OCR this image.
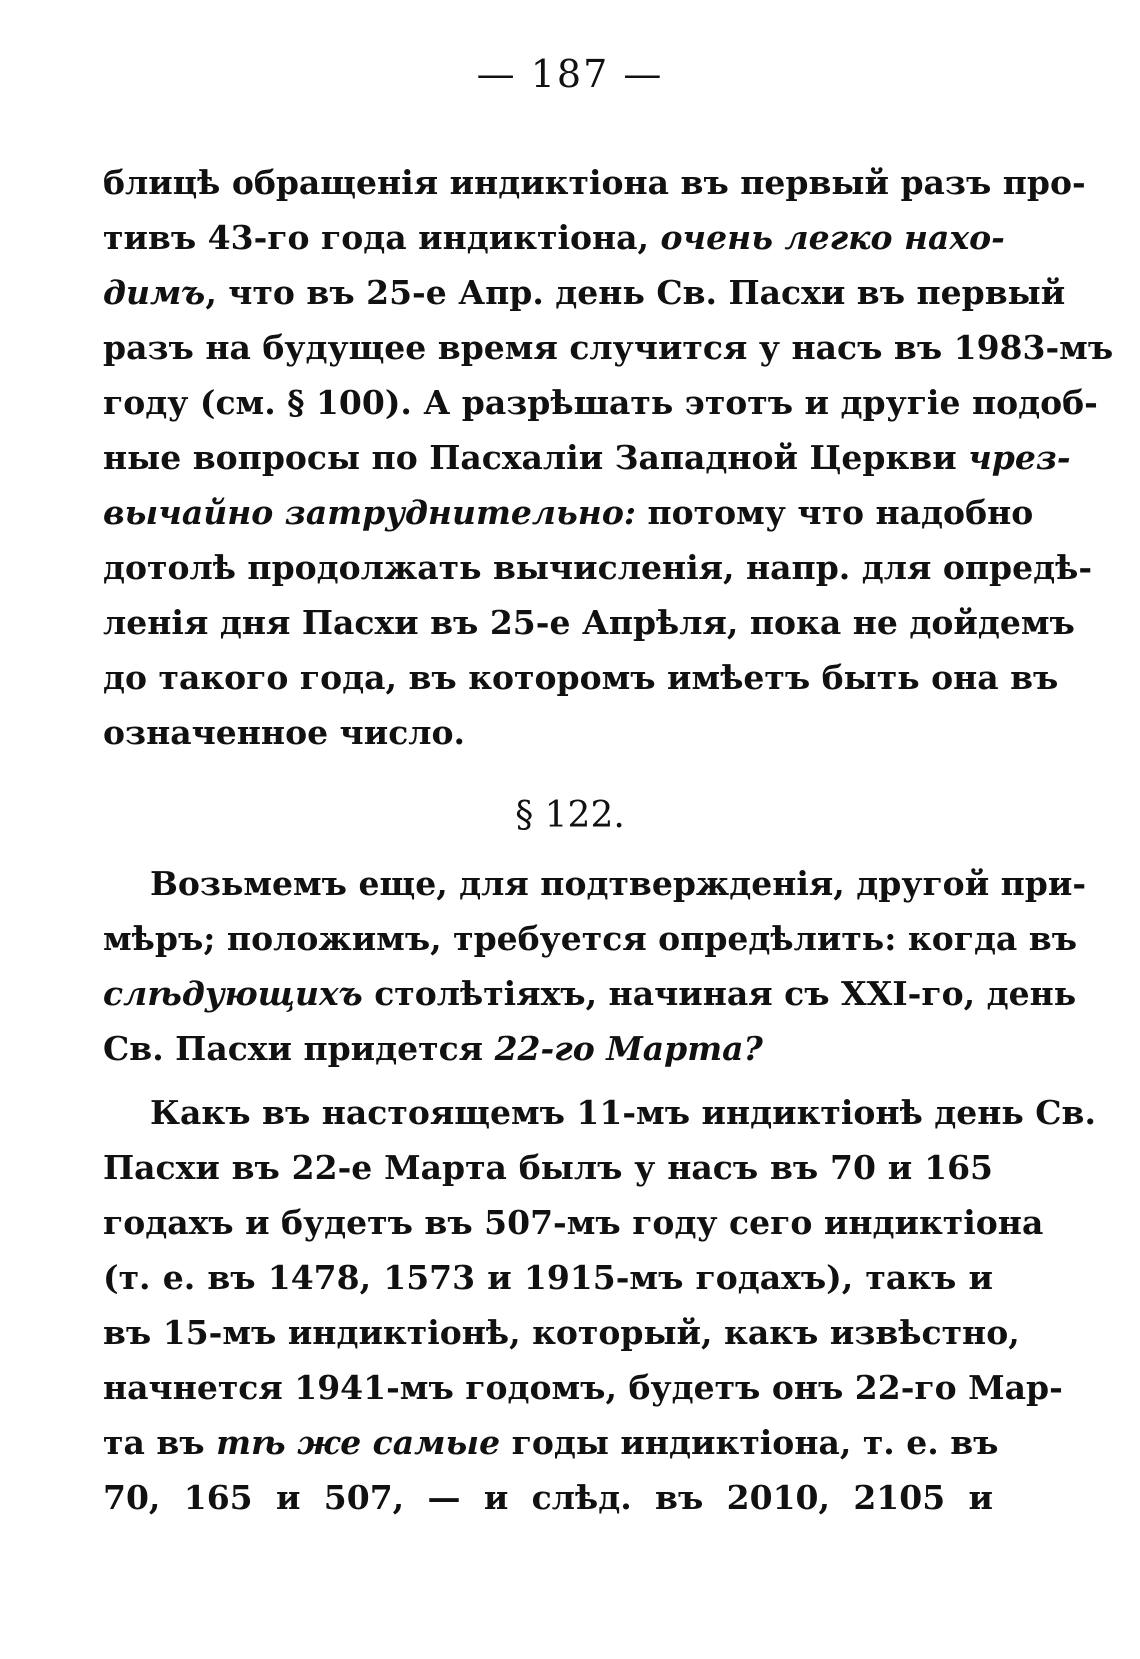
— 187 —
блицѣ обращенія индиктіона въ первый разъ про-
тивъ 43-го года индиктіона, очень легко нахо-
димъ, что въ 25-е Апр. день Св. Пасхи въ первый
разъ на будущее время случится у насъ въ 1983-мъ
году (см. § 100). А разрѣшать этотъ и другіе подоб-
ные вопросы по Пасхаліи Западной Церкви чрез-
вычайно затруднительно: потому что надобно
дотолѣ продолжать вычисленія, напр. для опредѣ-
ленія дня Пасхи въ 25-е Апрѣля, пока не дойдемъ
до такого года, въ которомъ имѣетъ быть она въ
означенное число.
§ 122.
Возьмемъ еще, для подтвержденія, другой при-
мѣръ; положимъ, требуется опредѣлить: когда въ
слѣдующихъ столѣтіяхъ, начиная съ XXI-го, день
Св. Пасхи придется 22-го Марта?
Какъ въ настоящемъ 11-мъ индиктіонѣ день Св.
Пасхи въ 22-е Марта былъ у насъ въ 70 и 165
годахъ и будетъ въ 507-мъ году сего индиктіона
(т. е. въ 1478, 1573 и 1915-мъ годахъ), такъ и
въ 15-мъ индиктіонѣ, который, какъ извѣстно,
начнется 1941-мъ годомъ, будетъ онъ 22-го Мар-
та въ тѣ же самые годы индиктіона, т. е. въ
70, 165 и 507, — и слѣд. въ 2010, 2105 и
